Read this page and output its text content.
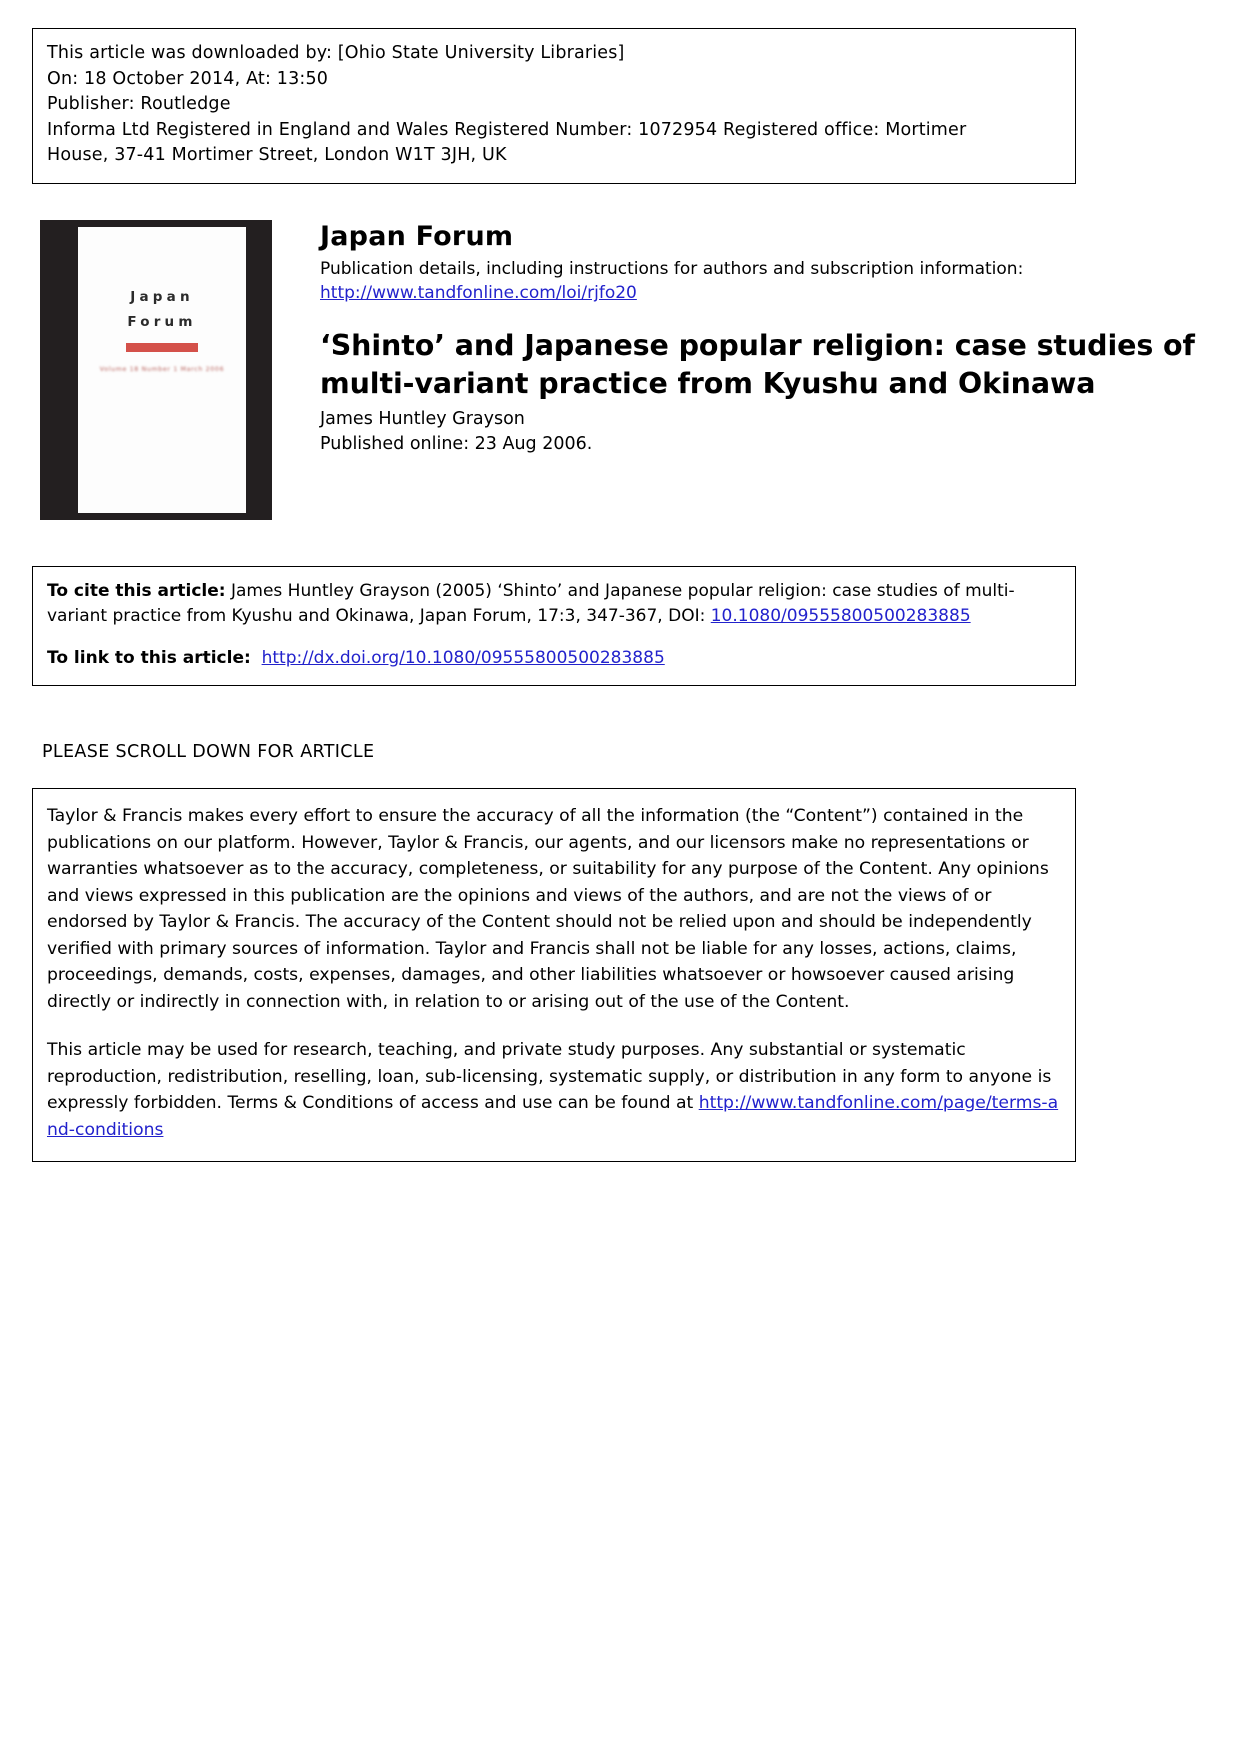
This article was downloaded by: [Ohio State University Libraries]
On: 18 October 2014, At: 13:50
Publisher: Routledge
Informa Ltd Registered in England and Wales Registered Number: 1072954 Registered office: Mortimer
House, 37-41 Mortimer Street, London W1T 3JH, UK
Japan
Forum
Volume 18 Number 1 March 2006
Japan Forum
Publication details, including instructions for authors and subscription information:
http://www.tandfonline.com/loi/rjfo20
‘Shinto’ and Japanese popular religion: case studies of multi-variant practice from Kyushu and Okinawa
James Huntley Grayson
Published online: 23 Aug 2006.

To cite this article: James Huntley Grayson (2005) ‘Shinto’ and Japanese popular religion: case studies of multi-variant practice from Kyushu and Okinawa, Japan Forum, 17:3, 347-367, DOI: 10.1080/09555800500283885

To link to this article: http://dx.doi.org/10.1080/09555800500283885

PLEASE SCROLL DOWN FOR ARTICLE

Taylor & Francis makes every effort to ensure the accuracy of all the information (the “Content”) contained in the publications on our platform. However, Taylor & Francis, our agents, and our licensors make no representations or warranties whatsoever as to the accuracy, completeness, or suitability for any purpose of the Content. Any opinions and views expressed in this publication are the opinions and views of the authors, and are not the views of or endorsed by Taylor & Francis. The accuracy of the Content should not be relied upon and should be independently verified with primary sources of information. Taylor and Francis shall not be liable for any losses, actions, claims, proceedings, demands, costs, expenses, damages, and other liabilities whatsoever or howsoever caused arising directly or indirectly in connection with, in relation to or arising out of the use of the Content.

This article may be used for research, teaching, and private study purposes. Any substantial or systematic reproduction, redistribution, reselling, loan, sub-licensing, systematic supply, or distribution in any form to anyone is expressly forbidden. Terms & Conditions of access and use can be found at http://www.tandfonline.com/page/terms-and-conditions
